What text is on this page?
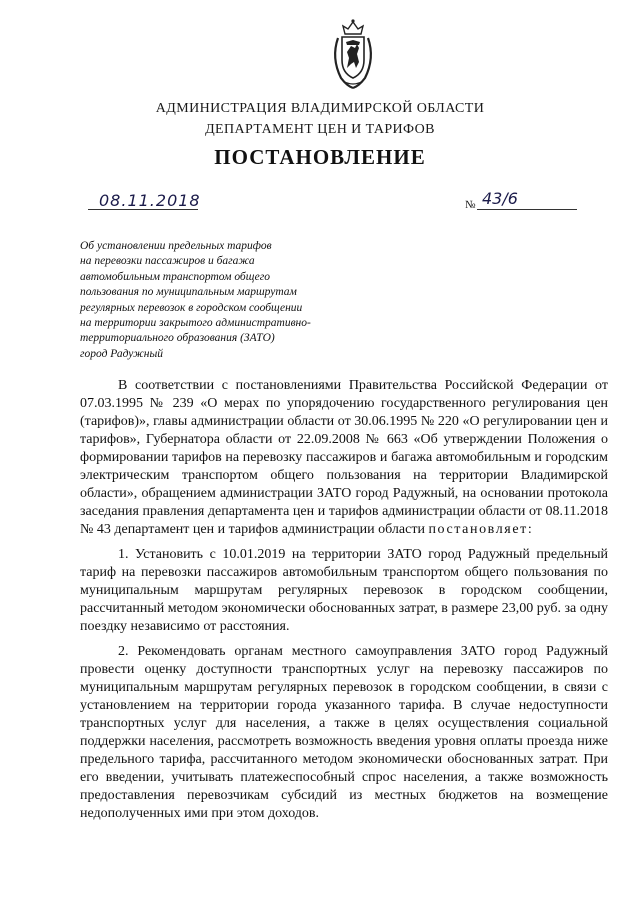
АДМИНИСТРАЦИЯ ВЛАДИМИРСКОЙ ОБЛАСТИ
ДЕПАРТАМЕНТ ЦЕН И ТАРИФОВ
ПОСТАНОВЛЕНИЕ
08.11.2018	№ 43/6
Об установлении предельных тарифов
на перевозки пассажиров и багажа
автомобильным транспортом общего
пользования по муниципальным маршрутам
регулярных перевозок в городском сообщении
на территории закрытого административно-
территориального образования (ЗАТО)
город Радужный

В соответствии с постановлениями Правительства Российской Федерации от 07.03.1995 № 239 «О мерах по упорядочению государственного регулирования цен (тарифов)», главы администрации области от 30.06.1995 № 220 «О регулировании цен и тарифов», Губернатора области от 22.09.2008 № 663 «Об утверждении Положения о формировании тарифов на перевозку пассажиров и багажа автомобильным и городским электрическим транспортом общего пользования на территории Владимирской области», обращением администрации ЗАТО город Радужный, на основании протокола заседания правления департамента цен и тарифов администрации области от 08.11.2018 № 43 департамент цен и тарифов администрации области постановляет:

1. Установить с 10.01.2019 на территории ЗАТО город Радужный предельный тариф на перевозки пассажиров автомобильным транспортом общего пользования по муниципальным маршрутам регулярных перевозок в городском сообщении, рассчитанный методом экономически обоснованных затрат, в размере 23,00 руб. за одну поездку независимо от расстояния.

2. Рекомендовать органам местного самоуправления ЗАТО город Радужный провести оценку доступности транспортных услуг на перевозку пассажиров по муниципальным маршрутам регулярных перевозок в городском сообщении, в связи с установлением на территории города указанного тарифа. В случае недоступности транспортных услуг для населения, а также в целях осуществления социальной поддержки населения, рассмотреть возможность введения уровня оплаты проезда ниже предельного тарифа, рассчитанного методом экономически обоснованных затрат. При его введении, учитывать платежеспособный спрос населения, а также возможность предоставления перевозчикам субсидий из местных бюджетов на возмещение недополученных ими при этом доходов.
